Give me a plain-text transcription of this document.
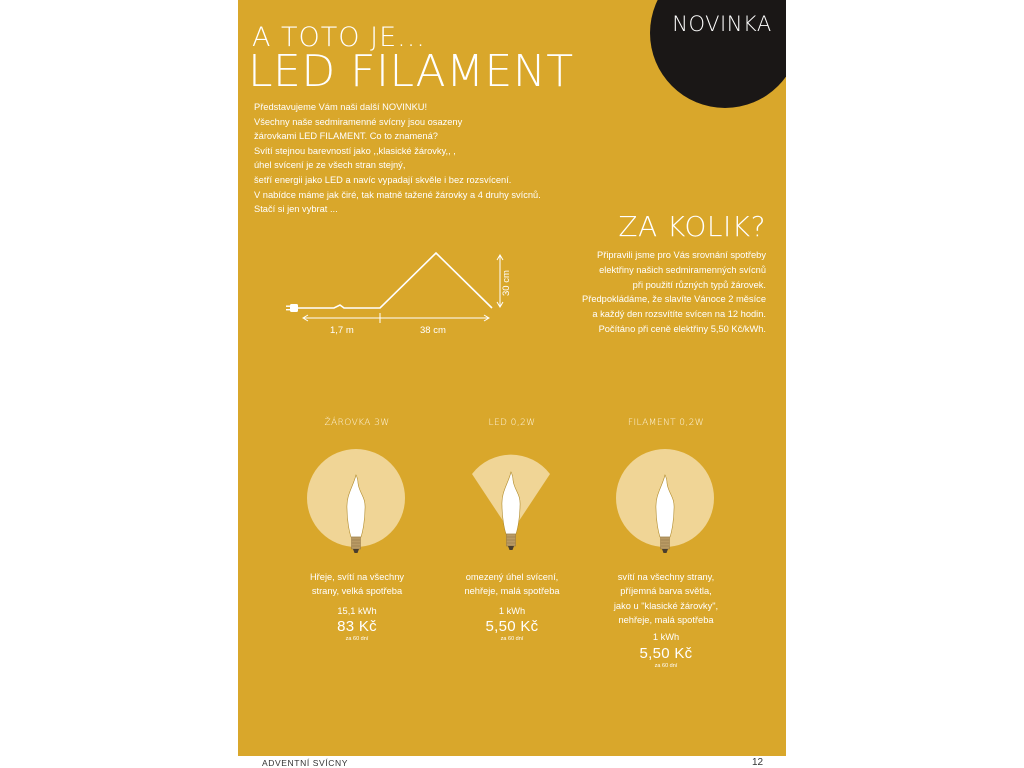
NOVINKA
A TOTO JE...
LED FILAMENT
Představujeme Vám naši další NOVINKU!
Všechny naše sedmiramenné svícny jsou osazeny
žárovkami LED FILAMENT. Co to znamená?
Svítí stejnou barevností jako ,,klasické žárovky,, ,
úhel svícení je ze všech stran stejný,
šetří energii jako LED a navíc vypadají skvěle i bez rozsvícení.
V nabídce máme jak čiré, tak matně tažené žárovky a 4 druhy svícnů.
Stačí si jen vybrat ...
ZA KOLIK?
Připravili jsme pro Vás srovnání spotřeby
elektřiny našich sedmiramenných svícnů
při použití různých typů žárovek.
Předpokládáme, že slavíte Vánoce 2 měsíce
a každý den rozsvítíte svícen na 12 hodin.
Počítáno při ceně elektřiny 5,50 Kč/kWh.
1,7 m	38 cm
30 cm
ŽÁROVKA 3W	LED 0,2W	FILAMENT 0,2W
Hřeje, svítí na všechny
strany, velká spotřeba
15,1 kWh
83 Kč
za 60 dní
omezený úhel svícení,
nehřeje, malá spotřeba
1 kWh
5,50 Kč
za 60 dní
svítí na všechny strany,
příjemná barva světla,
jako u "klasické žárovky",
nehřeje, malá spotřeba
1 kWh
5,50 Kč
za 60 dní
ADVENTNÍ SVÍCNY	12
